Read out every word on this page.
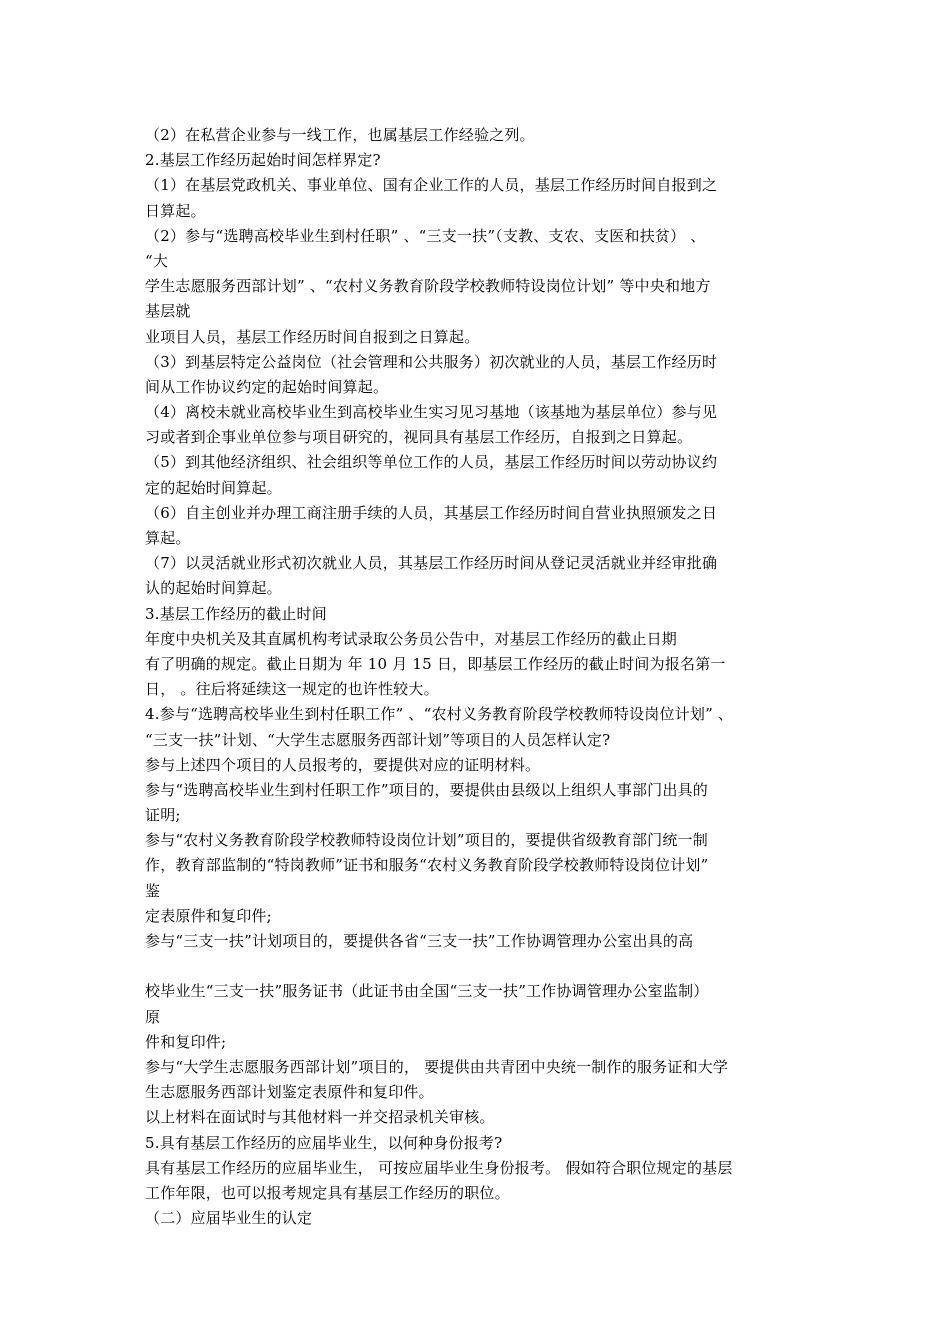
（2）在私营企业参与一线工作，也属基层工作经验之列。
2.基层工作经历起始时间怎样界定?
（1）在基层党政机关、事业单位、国有企业工作的人员，基层工作经历时间自报到之
日算起。
（2）参与“选聘高校毕业生到村任职” 、“三支一扶”（支教、支农、支医和扶贫） 、
“大
学生志愿服务西部计划” 、“农村义务教育阶段学校教师特设岗位计划” 等中央和地方
基层就
业项目人员，基层工作经历时间自报到之日算起。
（3）到基层特定公益岗位（社会管理和公共服务）初次就业的人员，基层工作经历时
间从工作协议约定的起始时间算起。
（4）离校未就业高校毕业生到高校毕业生实习见习基地（该基地为基层单位）参与见
习或者到企事业单位参与项目研究的，视同具有基层工作经历，自报到之日算起。
（5）到其他经济组织、社会组织等单位工作的人员，基层工作经历时间以劳动协议约
定的起始时间算起。
（6）自主创业并办理工商注册手续的人员，其基层工作经历时间自营业执照颁发之日
算起。
（7）以灵活就业形式初次就业人员，其基层工作经历时间从登记灵活就业并经审批确
认的起始时间算起。
3.基层工作经历的截止时间
年度中央机关及其直属机构考试录取公务员公告中，对基层工作经历的截止日期
有了明确的规定。截止日期为 年 10 月 15 日，即基层工作经历的截止时间为报名第一
日， 。往后将延续这一规定的也许性较大。
4.参与“选聘高校毕业生到村任职工作” 、“农村义务教育阶段学校教师特设岗位计划” 、
“三支一扶”计划、“大学生志愿服务西部计划”等项目的人员怎样认定?
参与上述四个项目的人员报考的，要提供对应的证明材料。
参与“选聘高校毕业生到村任职工作”项目的，要提供由县级以上组织人事部门出具的
证明;
参与“农村义务教育阶段学校教师特设岗位计划”项目的，要提供省级教育部门统一制
作，教育部监制的“特岗教师”证书和服务“农村义务教育阶段学校教师特设岗位计划”
鉴
定表原件和复印件;
参与“三支一扶”计划项目的，要提供各省“三支一扶”工作协调管理办公室出具的高
校毕业生“三支一扶”服务证书（此证书由全国“三支一扶”工作协调管理办公室监制）
原
件和复印件;
参与“大学生志愿服务西部计划”项目的， 要提供由共青团中央统一制作的服务证和大学
生志愿服务西部计划鉴定表原件和复印件。
以上材料在面试时与其他材料一并交招录机关审核。
5.具有基层工作经历的应届毕业生，以何种身份报考?
具有基层工作经历的应届毕业生， 可按应届毕业生身份报考。 假如符合职位规定的基层
工作年限，也可以报考规定具有基层工作经历的职位。
（二）应届毕业生的认定
